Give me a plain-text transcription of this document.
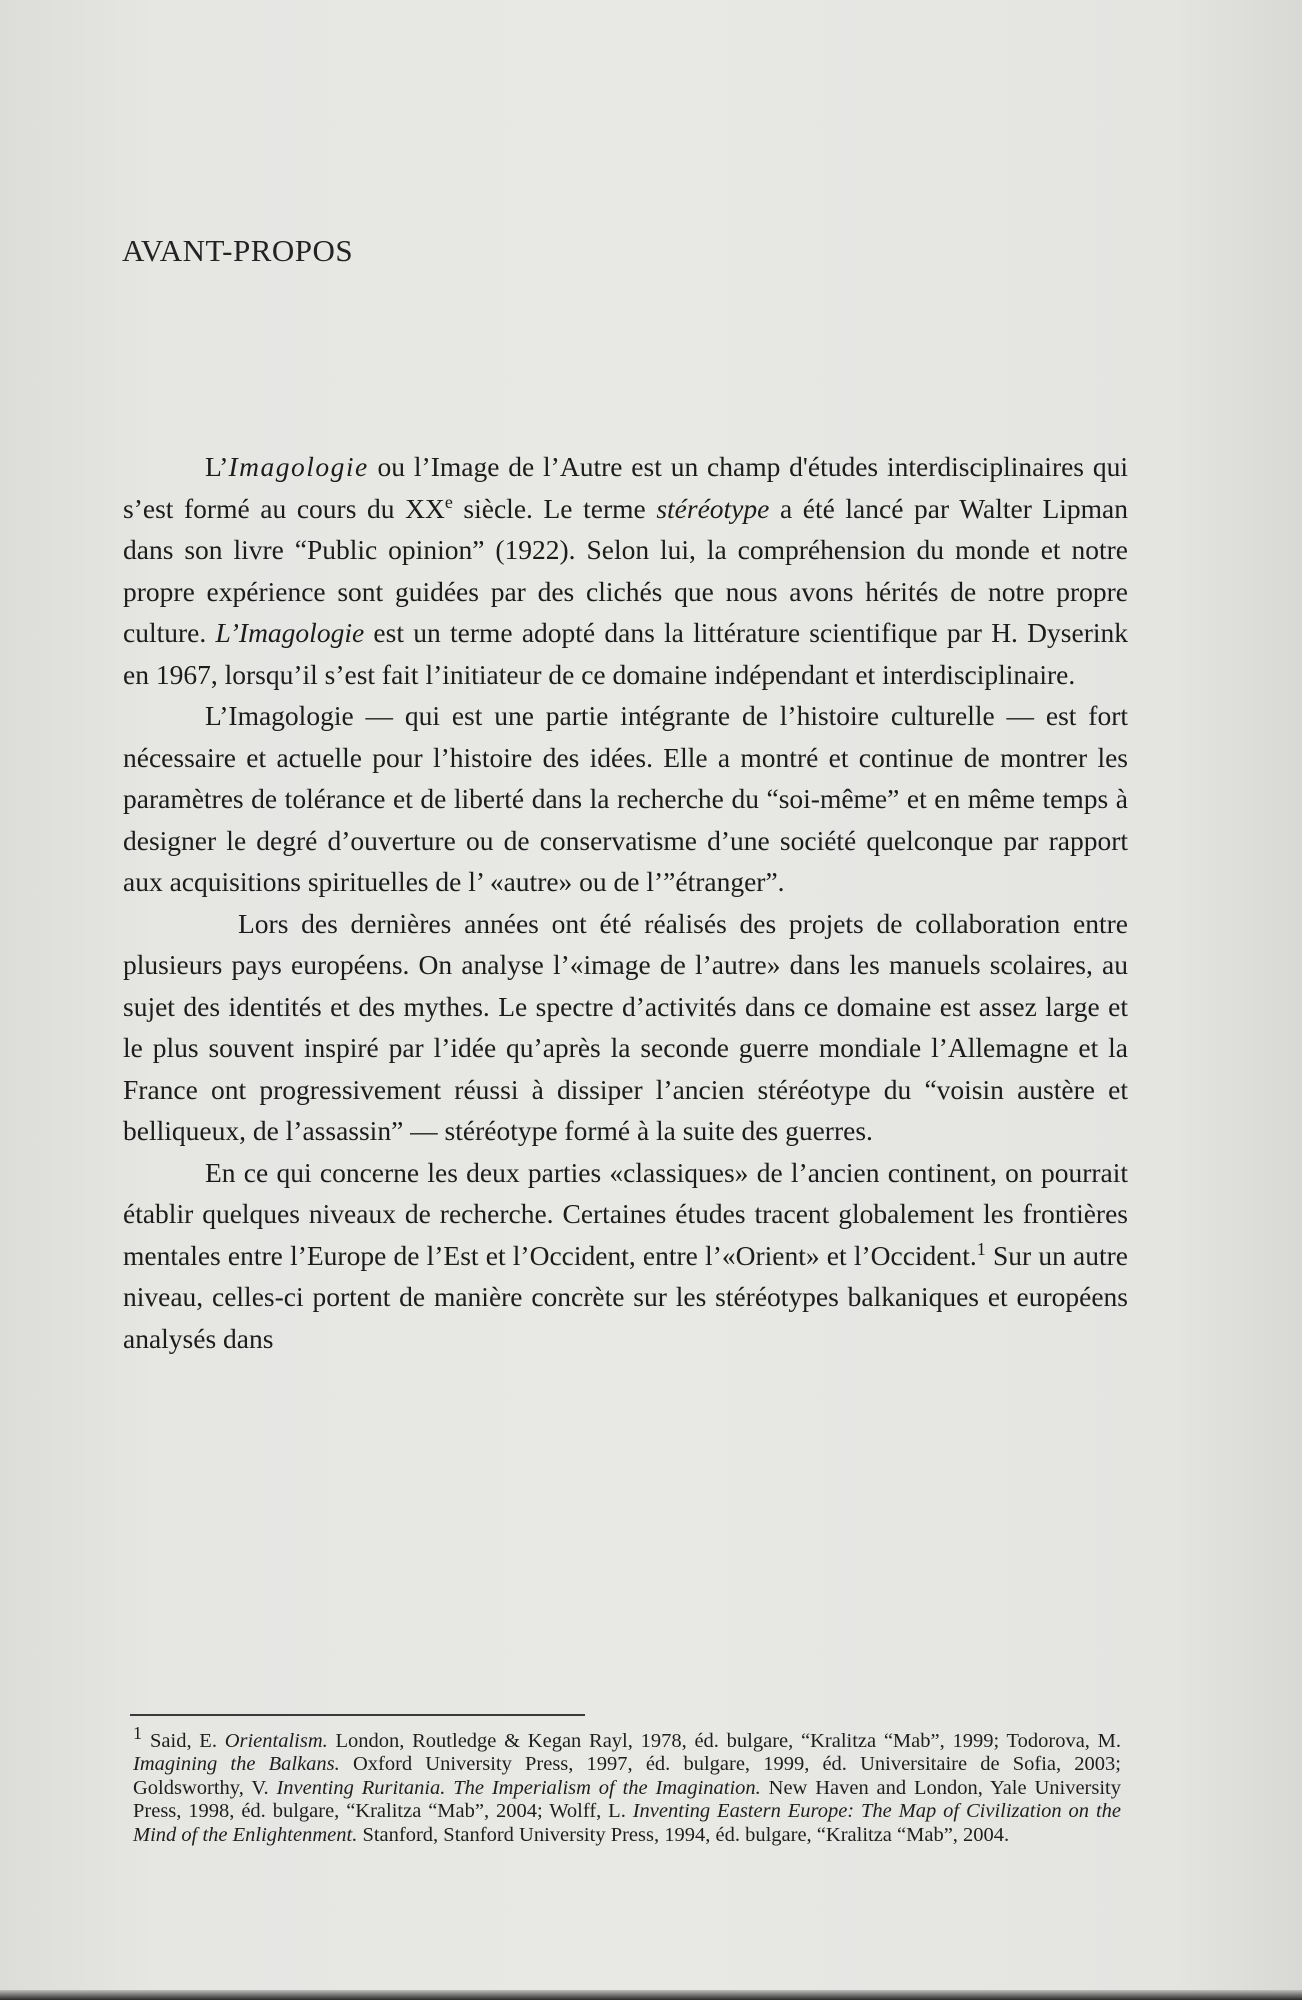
AVANT-PROPOS

L’Imagologie ou l’Image de l’Autre est un champ d'études interdisciplinaires qui s’est formé au cours du XXe siècle. Le terme stéréotype a été lancé par Walter Lipman dans son livre “Public opinion” (1922). Selon lui, la compréhension du monde et notre propre expérience sont guidées par des clichés que nous avons hérités de notre propre culture. L’Imagologie est un terme adopté dans la littérature scientifique par H. Dyserink en 1967, lorsqu’il s’est fait l’initiateur de ce domaine indépendant et interdisciplinaire.

L’Imagologie — qui est une partie intégrante de l’histoire culturelle — est fort nécessaire et actuelle pour l’histoire des idées. Elle a montré et continue de montrer les paramètres de tolérance et de liberté dans la recherche du “soi-même” et en même temps à designer le degré d’ouverture ou de conservatisme d’une société quelconque par rapport aux acquisitions spirituelles de l’ «autre» ou de l’”étranger”.

Lors des dernières années ont été réalisés des projets de collaboration entre plusieurs pays européens. On analyse l’«image de l’autre» dans les manuels scolaires, au sujet des identités et des mythes. Le spectre d’activités dans ce domaine est assez large et le plus souvent inspiré par l’idée qu’après la seconde guerre mondiale l’Allemagne et la France ont progressivement réussi à dissiper l’ancien stéréotype du “voisin austère et belliqueux, de l’assassin” — stéréotype formé à la suite des guerres.

En ce qui concerne les deux parties «classiques» de l’ancien continent, on pourrait établir quelques niveaux de recherche. Certaines études tracent globalement les frontières mentales entre l’Europe de l’Est et l’Occident, entre l’«Orient» et l’Occident.$^1$ Sur un autre niveau, celles-ci portent de manière concrète sur les stéréotypes balkaniques et européens analysés dans

1 Said, E. Orientalism. London, Routledge & Kegan Rayl, 1978, éd. bulgare, “Kralitza “Mab”, 1999; Todorova, M. Imagining the Balkans. Oxford University Press, 1997, éd. bulgare, 1999, éd. Universitaire de Sofia, 2003; Goldsworthy, V. Inventing Ruritania. The Imperialism of the Imagination. New Haven and London, Yale University Press, 1998, éd. bulgare, “Kralitza “Mab”, 2004; Wolff, L. Inventing Eastern Europe: The Map of Civilization on the Mind of the Enlightenment. Stanford, Stanford University Press, 1994, éd. bulgare, “Kralitza “Mab”, 2004.
